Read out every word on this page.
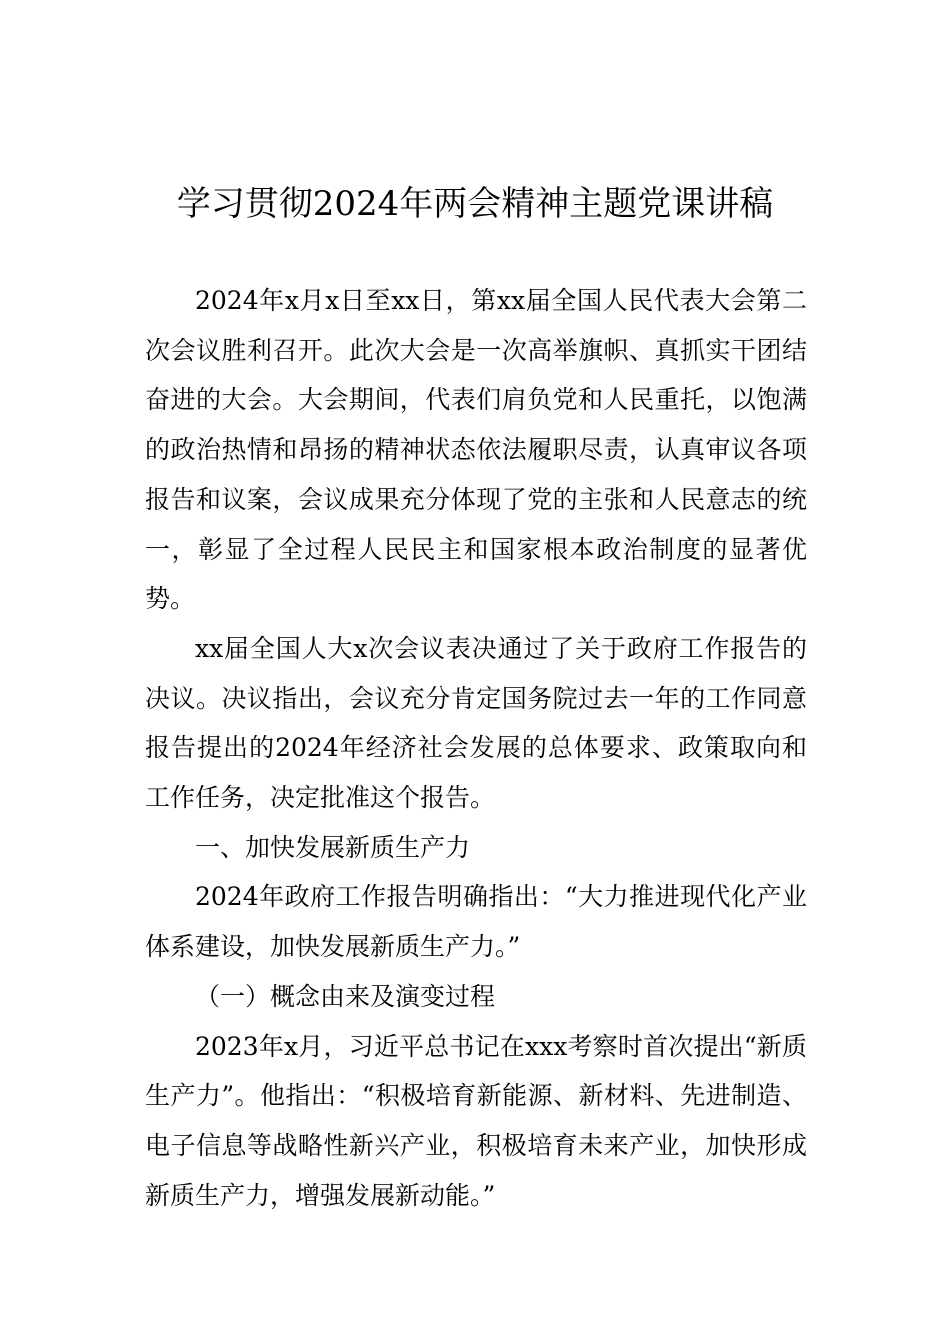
学习贯彻2024年两会精神主题党课讲稿

2024年x月x日至xx日，第xx届全国人民代表大会第二次会议胜利召开。此次大会是一次高举旗帜、真抓实干团结奋进的大会。大会期间，代表们肩负党和人民重托，以饱满的政治热情和昂扬的精神状态依法履职尽责，认真审议各项报告和议案，会议成果充分体现了党的主张和人民意志的统一，彰显了全过程人民民主和国家根本政治制度的显著优势。

xx届全国人大x次会议表决通过了关于政府工作报告的决议。决议指出，会议充分肯定国务院过去一年的工作同意报告提出的2024年经济社会发展的总体要求、政策取向和工作任务，决定批准这个报告。

一、加快发展新质生产力

2024年政府工作报告明确指出：“大力推进现代化产业体系建设，加快发展新质生产力。”

（一）概念由来及演变过程

2023年x月，习近平总书记在xxx考察时首次提出“新质生产力”。他指出：“积极培育新能源、新材料、先进制造、电子信息等战略性新兴产业，积极培育未来产业，加快形成新质生产力，增强发展新动能。”
